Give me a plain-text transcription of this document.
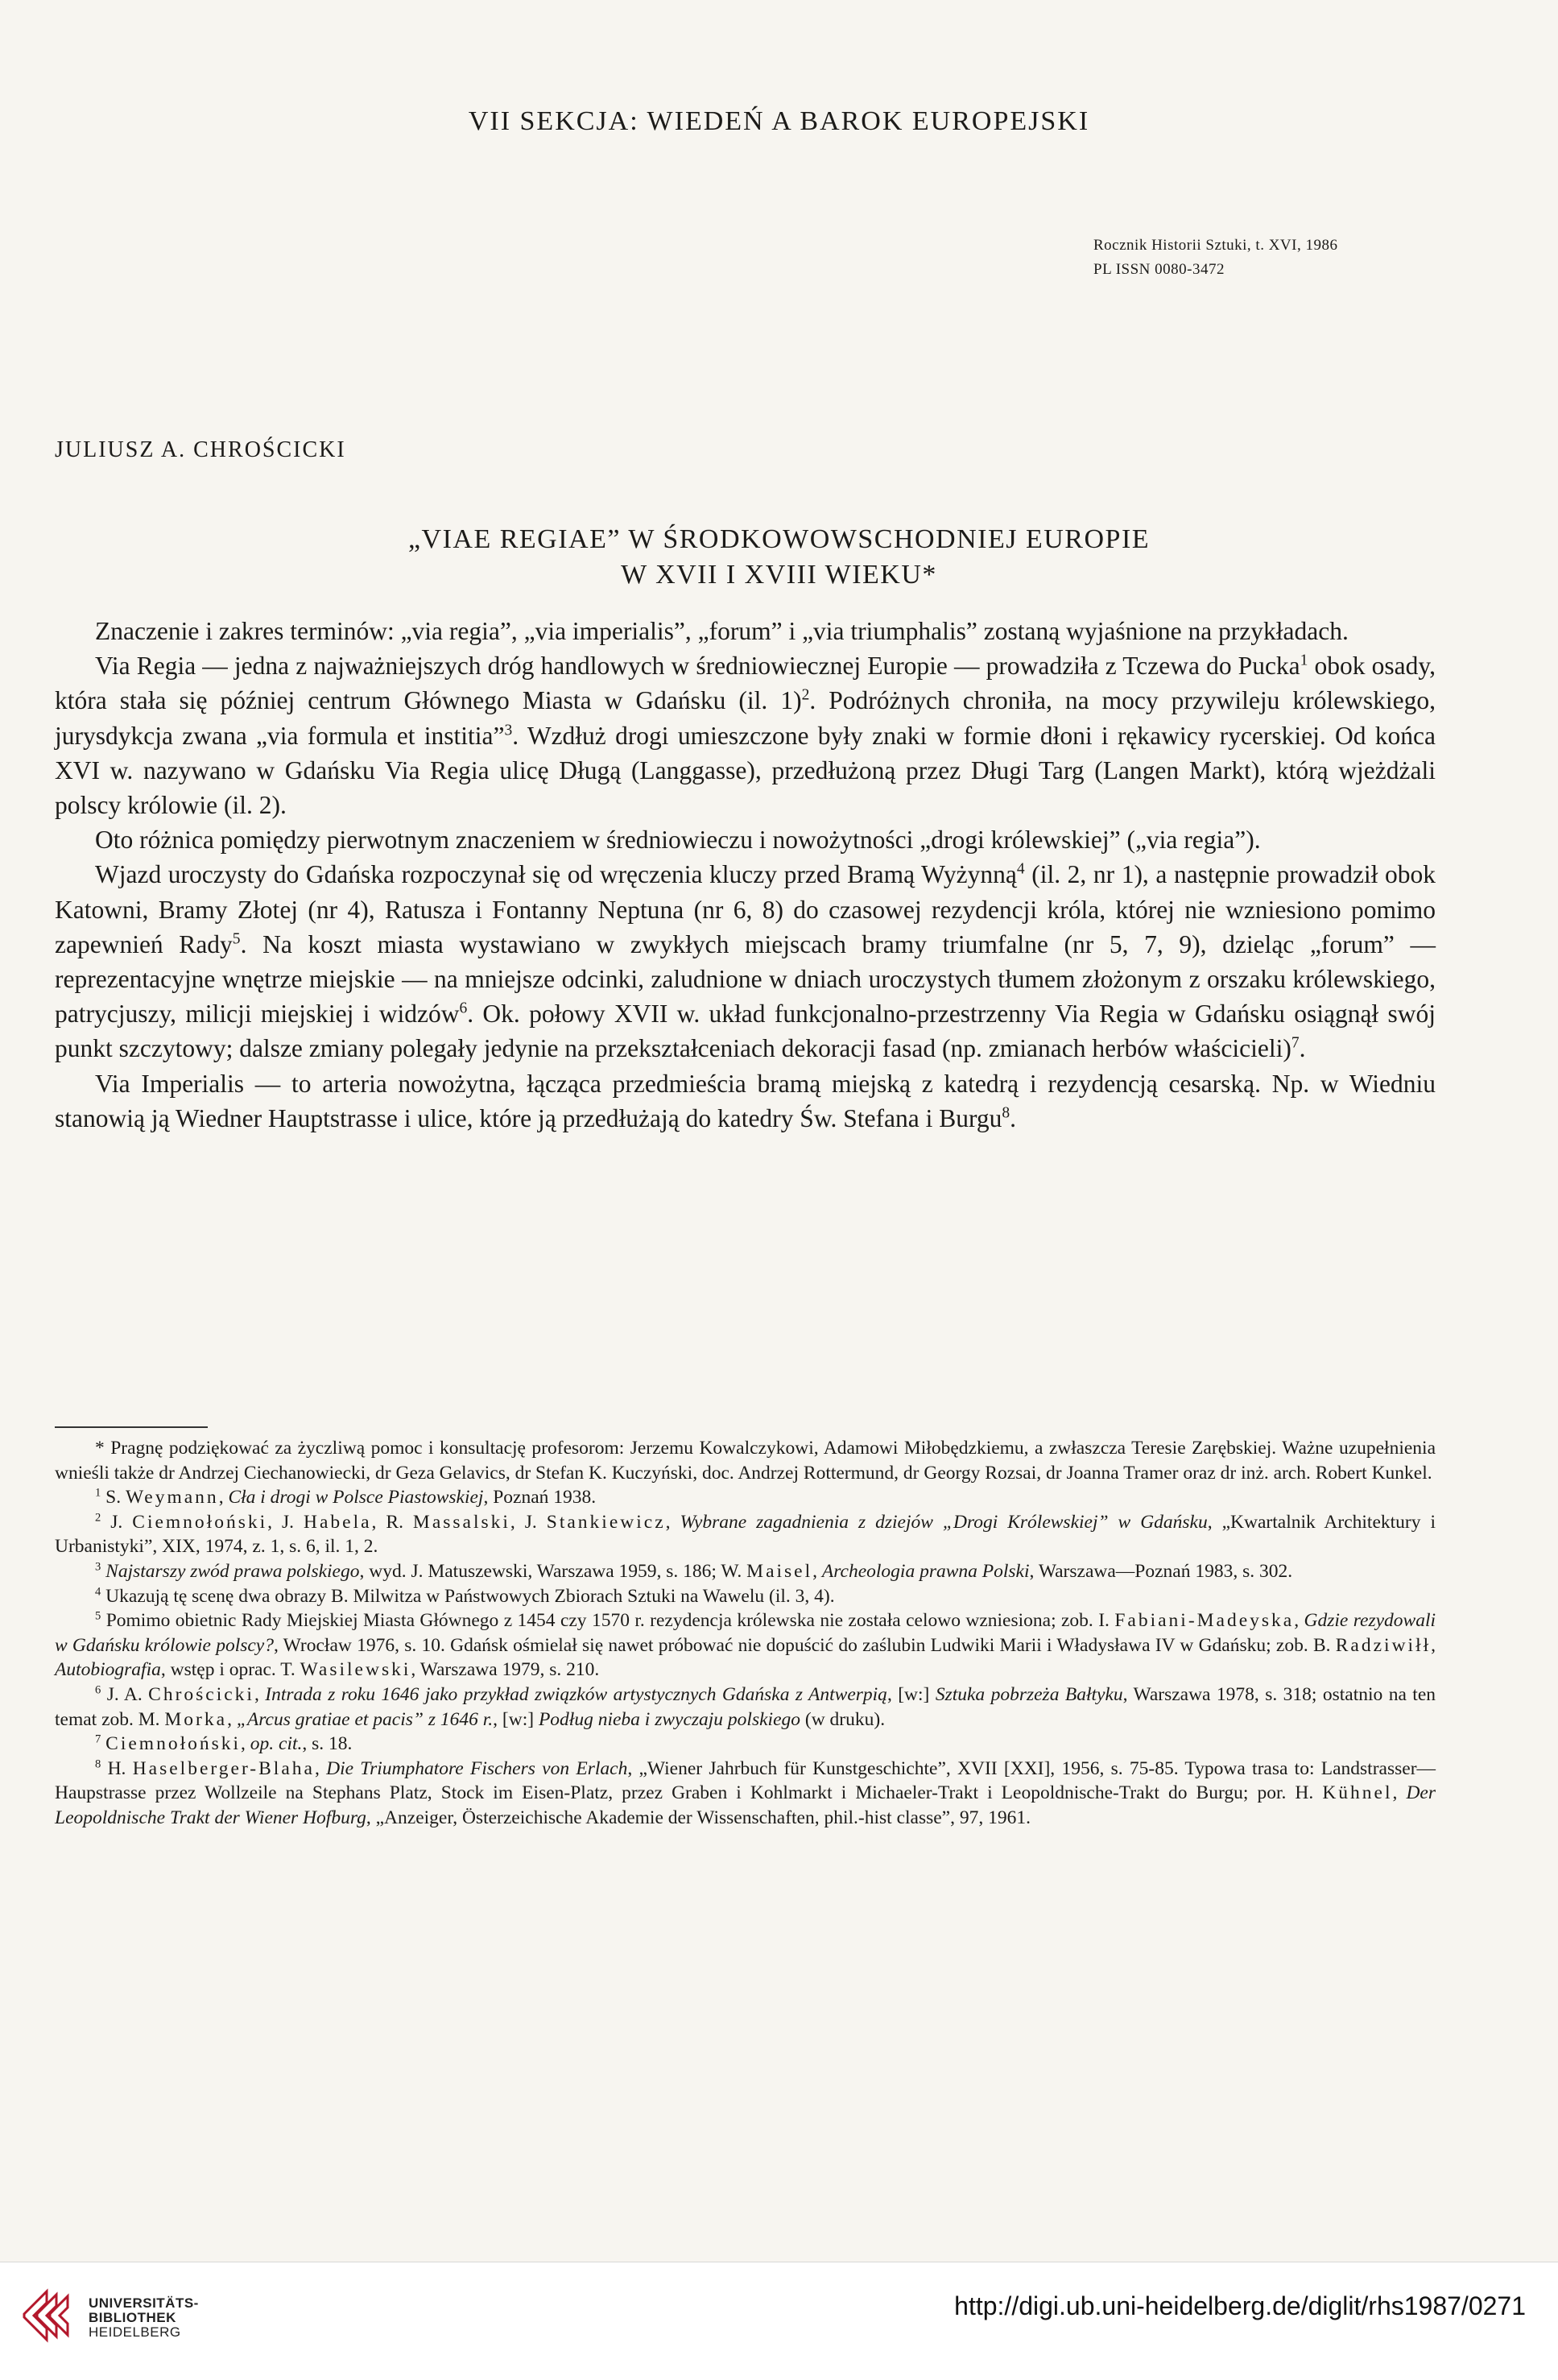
VII SEKCJA: WIEDEŃ A BAROK EUROPEJSKI
Rocznik Historii Sztuki, t. XVI, 1986
PL ISSN 0080-3472
JULIUSZ A. CHROŚCICKI
„VIAE REGIAE” W ŚRODKOWOWSCHODNIEJ EUROPIE
W XVII I XVIII WIEKU*

Znaczenie i zakres terminów: „via regia”, „via imperialis”, „forum” i „via triumphalis” zostaną wyjaśnione na przykładach.

Via Regia — jedna z najważniejszych dróg handlowych w średniowiecznej Europie — prowadziła z Tczewa do Pucka$^1$ obok osady, która stała się później centrum Głównego Miasta w Gdańsku (il. 1)$^2$. Podróżnych chroniła, na mocy przywileju królewskiego, jurysdykcja zwana „via formula et institia”$^3$. Wzdłuż drogi umieszczone były znaki w formie dłoni i rękawicy rycerskiej. Od końca XVI w. nazywano w Gdańsku Via Regia ulicę Długą (Langgasse), przedłużoną przez Długi Targ (Langen Markt), którą wjeżdżali polscy królowie (il. 2).

Oto różnica pomiędzy pierwotnym znaczeniem w średniowieczu i nowożytności „drogi królewskiej” („via regia”).

Wjazd uroczysty do Gdańska rozpoczynał się od wręczenia kluczy przed Bramą Wyżynną$^4$ (il. 2, nr 1), a następnie prowadził obok Katowni, Bramy Złotej (nr 4), Ratusza i Fontanny Neptuna (nr 6, 8) do czasowej rezydencji króla, której nie wzniesiono pomimo zapewnień Rady$^5$. Na koszt miasta wystawiano w zwykłych miejscach bramy triumfalne (nr 5, 7, 9), dzieląc „forum” — reprezentacyjne wnętrze miejskie — na mniejsze odcinki, zaludnione w dniach uroczystych tłumem złożonym z orszaku królewskiego, patrycjuszy, milicji miejskiej i widzów$^6$. Ok. połowy XVII w. układ funkcjonalno-przestrzenny Via Regia w Gdańsku osiągnął swój punkt szczytowy; dalsze zmiany polegały jedynie na przekształceniach dekoracji fasad (np. zmianach herbów właścicieli)$^7$.

Via Imperialis — to arteria nowożytna, łącząca przedmieścia bramą miejską z katedrą i rezydencją cesarską. Np. w Wiedniu stanowią ją Wiedner Hauptstrasse i ulice, które ją przedłużają do katedry Św. Stefana i Burgu$^8$.

* Pragnę podziękować za życzliwą pomoc i konsultację profesorom: Jerzemu Kowalczykowi, Adamowi Miłobędzkiemu, a zwłaszcza Teresie Zarębskiej. Ważne uzupełnienia wnieśli także dr Andrzej Ciechanowiecki, dr Geza Gelavics, dr Stefan K. Kuczyński, doc. Andrzej Rottermund, dr Georgy Rozsai, dr Joanna Tramer oraz dr inż. arch. Robert Kunkel.

$^1$ S. Weymann, Cła i drogi w Polsce Piastowskiej, Poznań 1938.

$^2$ J. Ciemnołoński, J. Habela, R. Massalski, J. Stankiewicz, Wybrane zagadnienia z dziejów „Drogi Królewskiej” w Gdańsku, „Kwartalnik Architektury i Urbanistyki”, XIX, 1974, z. 1, s. 6, il. 1, 2.

$^3$ Najstarszy zwód prawa polskiego, wyd. J. Matuszewski, Warszawa 1959, s. 186; W. Maisel, Archeologia prawna Polski, Warszawa—Poznań 1983, s. 302.

$^4$ Ukazują tę scenę dwa obrazy B. Milwitza w Państwowych Zbiorach Sztuki na Wawelu (il. 3, 4).

$^5$ Pomimo obietnic Rady Miejskiej Miasta Głównego z 1454 czy 1570 r. rezydencja królewska nie została celowo wzniesiona; zob. I. Fabiani-Madeyska, Gdzie rezydowali w Gdańsku królowie polscy?, Wrocław 1976, s. 10. Gdańsk ośmielał się nawet próbować nie dopuścić do zaślubin Ludwiki Marii i Władysława IV w Gdańsku; zob. B. Radziwiłł, Autobiografia, wstęp i oprac. T. Wasilewski, Warszawa 1979, s. 210.

$^6$ J. A. Chrościcki, Intrada z roku 1646 jako przykład związków artystycznych Gdańska z Antwerpią, [w:] Sztuka pobrzeża Bałtyku, Warszawa 1978, s. 318; ostatnio na ten temat zob. M. Morka, „Arcus gratiae et pacis” z 1646 r., [w:] Podług nieba i zwyczaju polskiego (w druku).

$^7$ Ciemnołoński, op. cit., s. 18.

$^8$ H. Haselberger-Blaha, Die Triumphatore Fischers von Erlach, „Wiener Jahrbuch für Kunstgeschichte”, XVII [XXI], 1956, s. 75-85. Typowa trasa to: Landstrasser—Haupstrasse przez Wollzeile na Stephans Platz, Stock im Eisen-Platz, przez Graben i Kohlmarkt i Michaeler-Trakt i Leopoldnische-Trakt do Burgu; por. H. Kühnel, Der Leopoldnische Trakt der Wiener Hofburg, „Anzeiger, Österzeichische Akademie der Wissenschaften, phil.-hist classe”, 97, 1961.

UNIVERSITÄTS-
BIBLIOTHEK
HEIDELBERG
http://digi.ub.uni-heidelberg.de/diglit/rhs1987/0271
